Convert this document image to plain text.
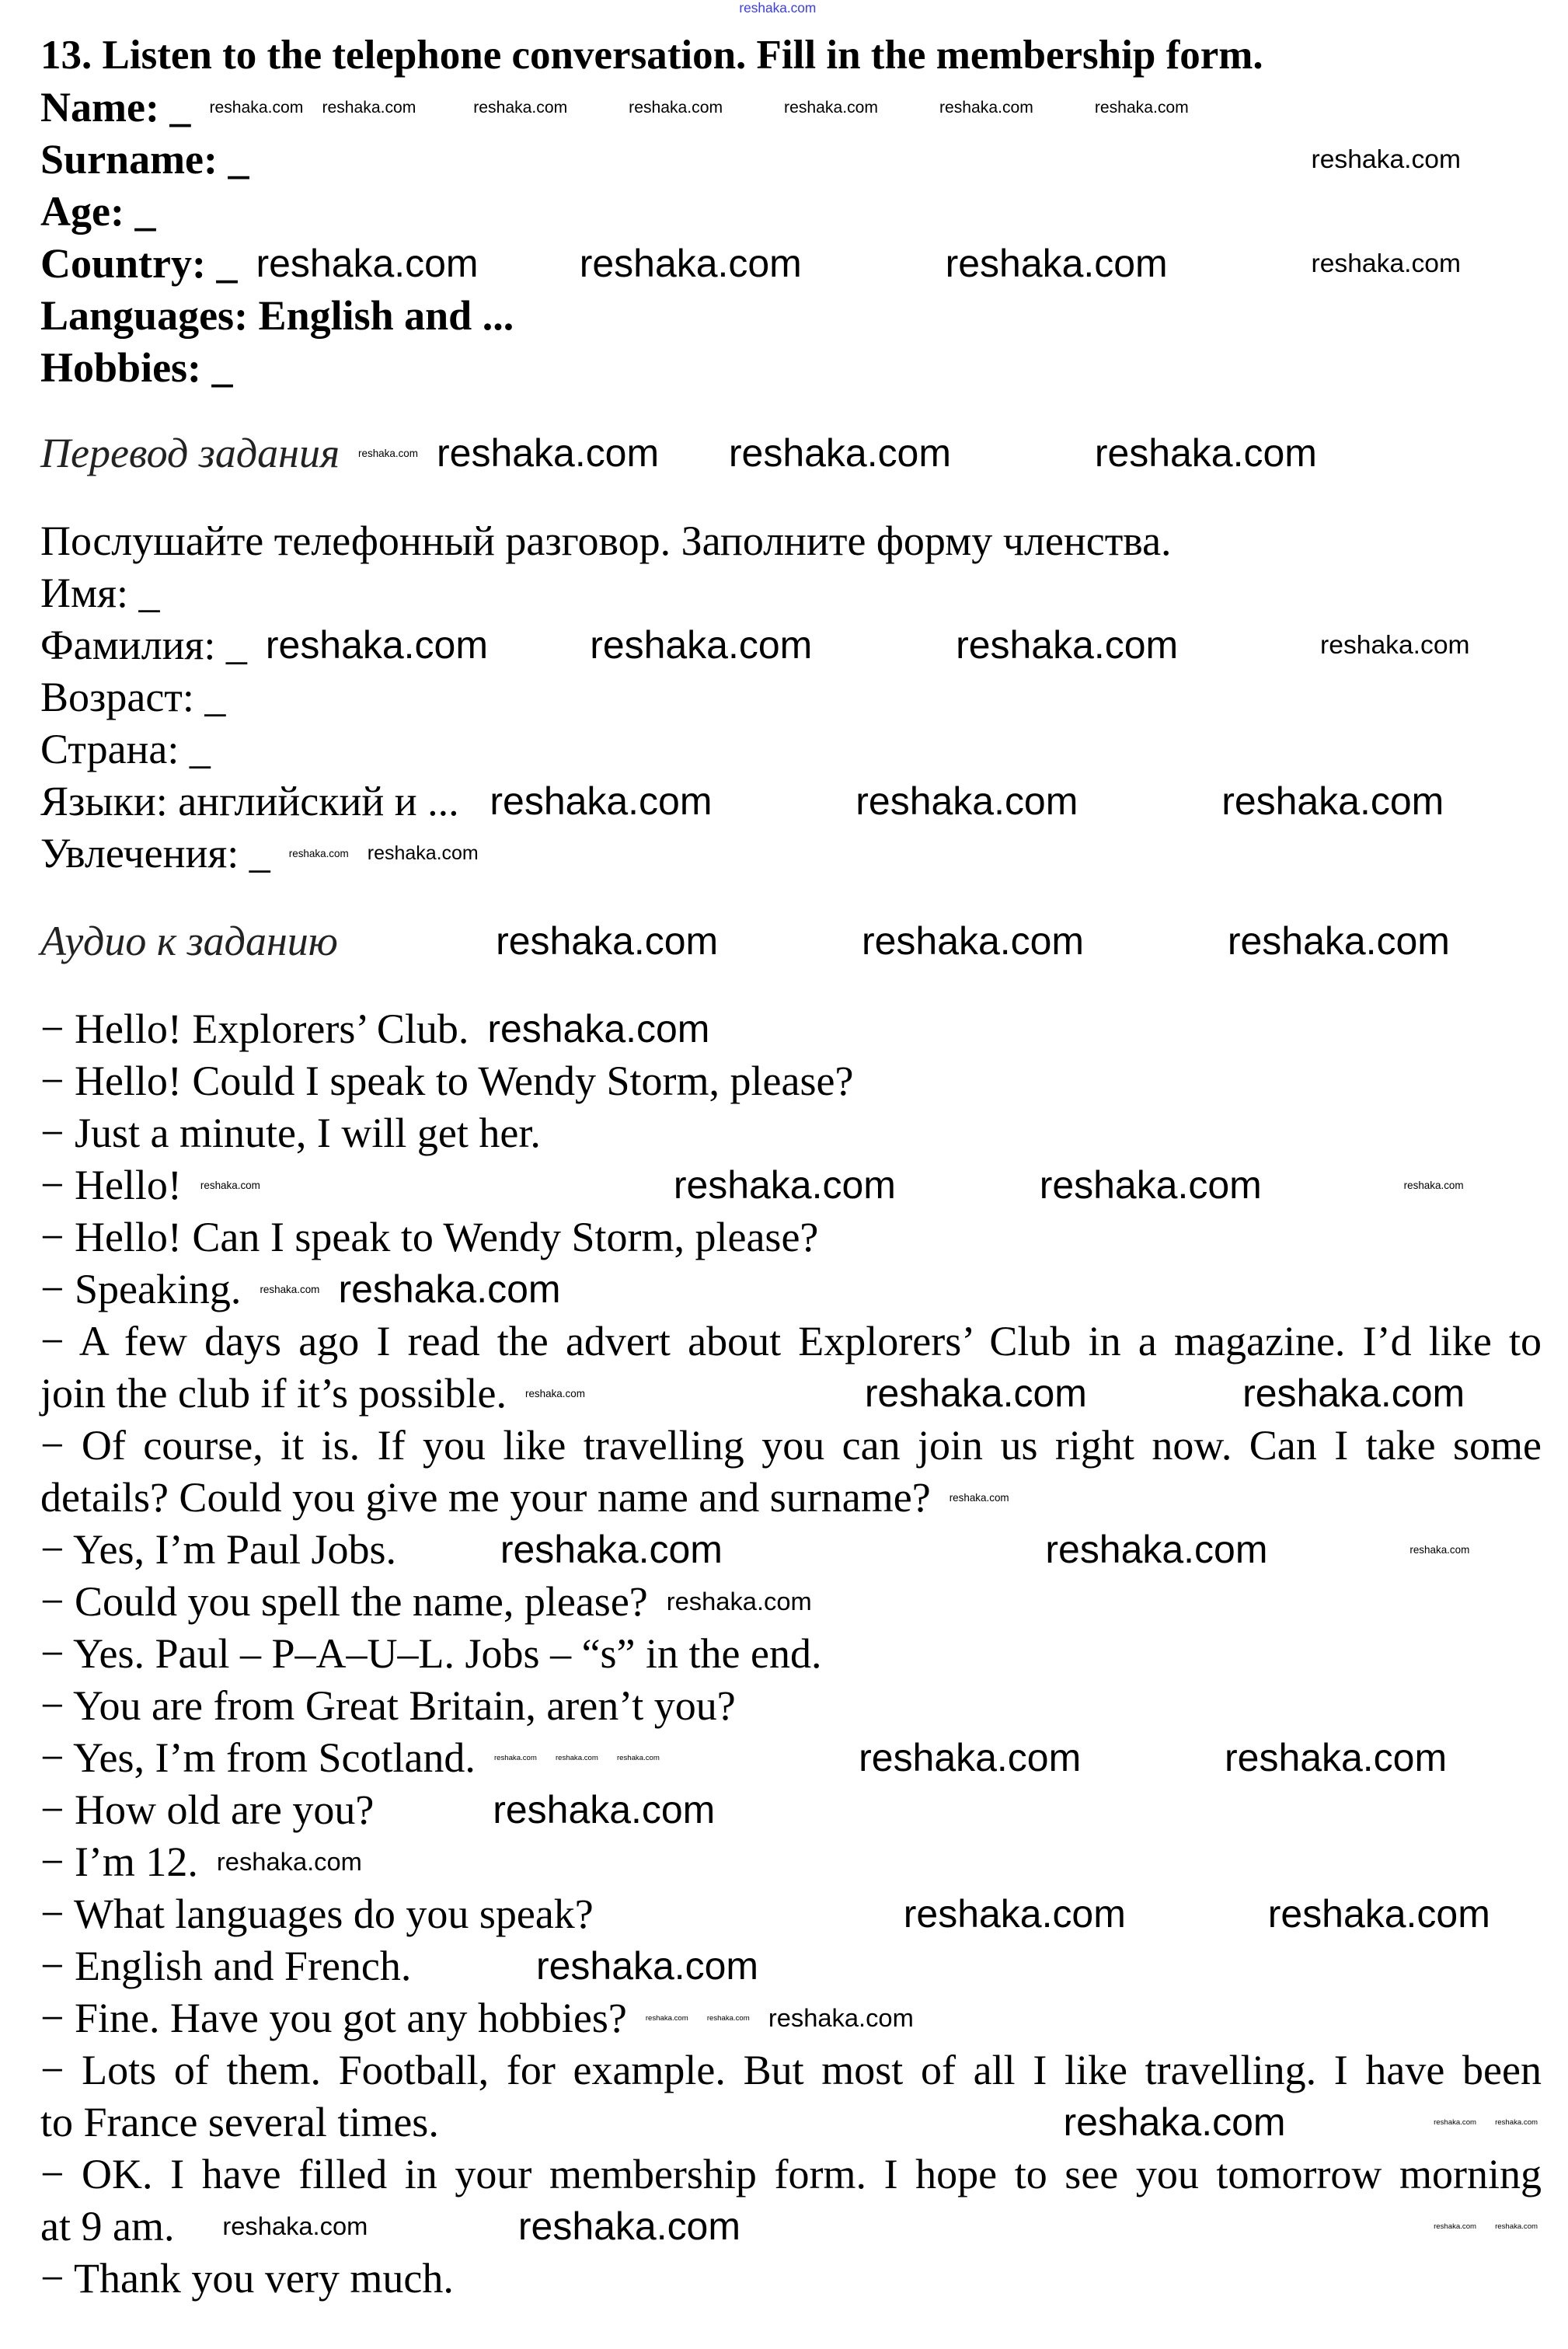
13. Listen to the telephone conversation. Fill in the membership form.
Name: _ reshaka.com reshaka.com	reshaka.com	reshaka.com	reshaka.com	reshaka.com	reshaka.com
Surname: _	reshaka.com
Age: _
Country: _ reshaka.com	reshaka.com	reshaka.com	reshaka.com
Languages: English and ...
Hobbies: _
Перевод задания reshaka.com reshaka.com reshaka.com	reshaka.com
Послушайте телефонный разговор. Заполните форму членства.
Имя: _
Фамилия: _ reshaka.com	reshaka.com	reshaka.com	reshaka.com
Возраст: _
Страна: _
Языки: английский и ... reshaka.com	reshaka.com	reshaka.com
Увлечения: _ reshaka.com reshaka.com
Аудио к заданию	reshaka.com	reshaka.com	reshaka.com
− Hello! Explorers’ Club. reshaka.com
− Hello! Could I speak to Wendy Storm, please?
− Just a minute, I will get her.
− Hello! reshaka.com	reshaka.com	reshaka.com	reshaka.com
− Hello! Can I speak to Wendy Storm, please?
− Speaking. reshaka.com reshaka.com
− A few days ago I read the advert about Explorers’ Club in a magazine. I’d like to
join the club if it’s possible. reshaka.com	reshaka.com	reshaka.com
− Of course, it is. If you like travelling you can join us right now. Can I take some
details? Could you give me your name and surname? reshaka.com
− Yes, I’m Paul Jobs.	reshaka.com	reshaka.com	reshaka.com
− Could you spell the name, please? reshaka.com
− Yes. Paul – P–A–U–L. Jobs – “s” in the end.
− You are from Great Britain, aren’t you?
− Yes, I’m from Scotland. reshaka.com	reshaka.com	reshaka.com	reshaka.com	reshaka.com
− How old are you?	reshaka.com
− I’m 12. reshaka.com
− What languages do you speak?	reshaka.com	reshaka.com
− English and French.	reshaka.com
− Fine. Have you got any hobbies? reshaka.com	reshaka.com reshaka.com
− Lots of them. Football, for example. But most of all I like travelling. I have been
to France several times.	reshaka.com	reshaka.com	reshaka.com
− OK. I have filled in your membership form. I hope to see you tomorrow morning
at 9 am. reshaka.com	reshaka.com	reshaka.com	reshaka.com
− Thank you very much.
reshaka.com
